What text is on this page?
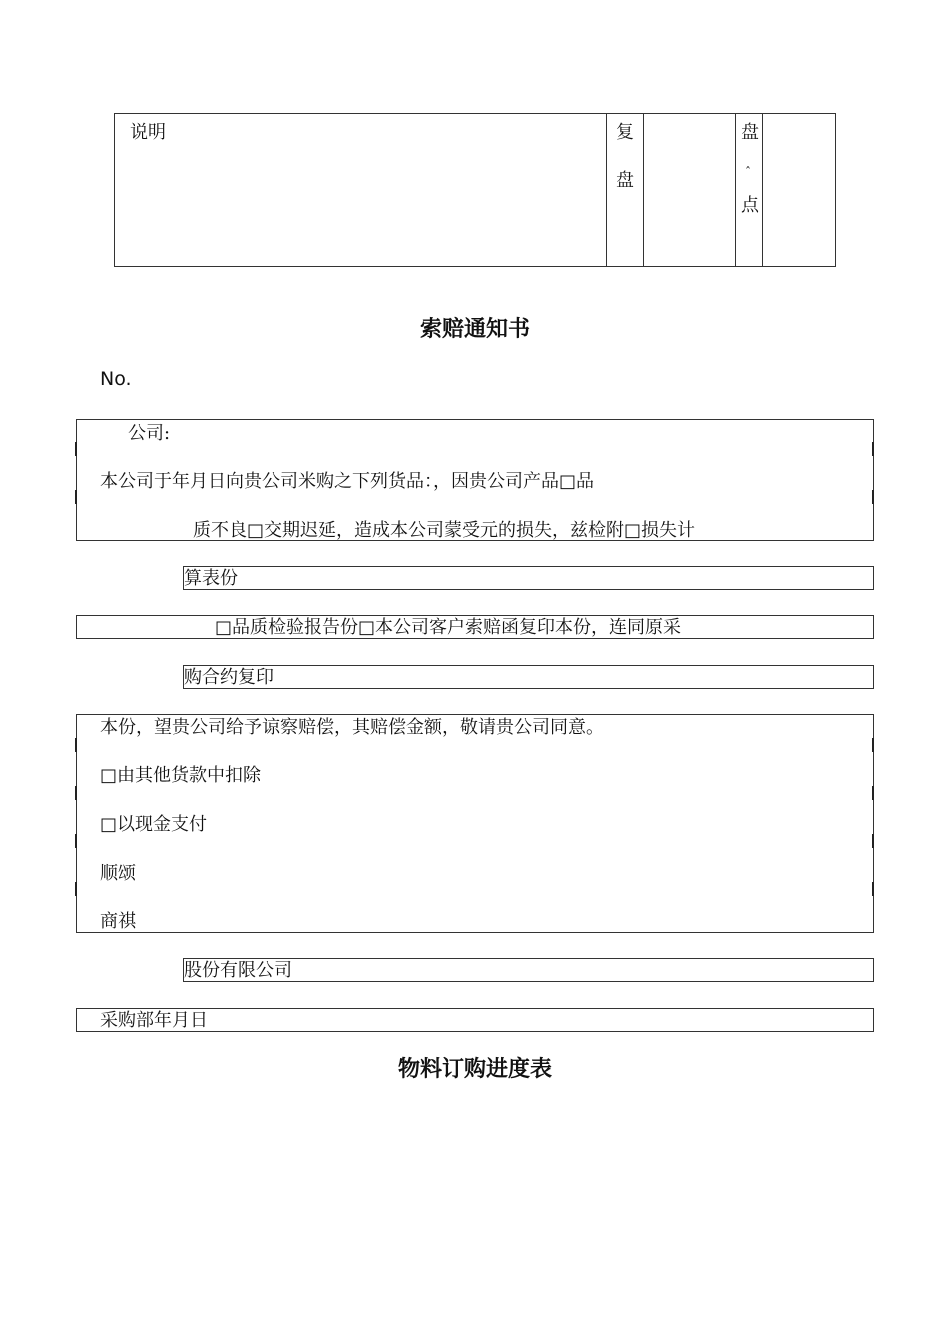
说明	复
盘
盘
ˆ
点
索赔通知书
No.
公司:
本公司于年月日向贵公司米购之下列货品：，因贵公司产品□品
质不良□交期迟延，造成本公司蒙受元的损失，兹检附□损失计
算表份
□品质检验报告份□本公司客户索赔函复印本份，连同原采
购合约复印
本份，望贵公司给予谅察赔偿，其赔偿金额，敬请贵公司同意。
□由其他货款中扣除
□以现金支付
顺颂
商祺
股份有限公司
采购部年月日
物料订购进度表
